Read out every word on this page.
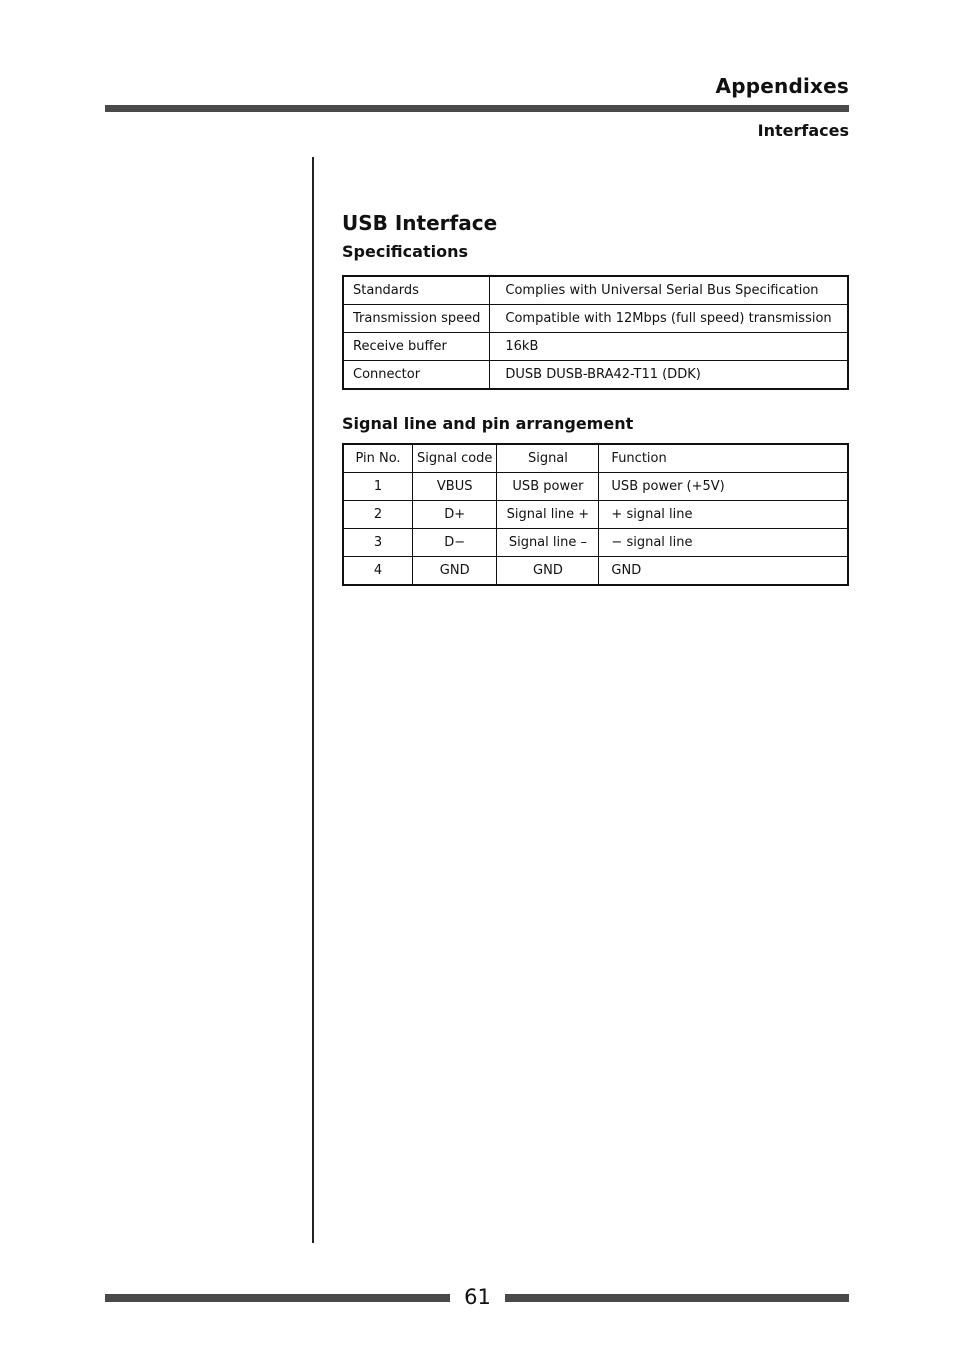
Appendixes
Interfaces
USB Interface
Specifications
Standards	Complies with Universal Serial Bus Specification
Transmission speed	Compatible with 12Mbps (full speed) transmission
Receive buffer	16kB
Connector	DUSB DUSB-BRA42-T11 (DDK)
Signal line and pin arrangement
Pin No.	Signal code	Signal	Function
1	VBUS	USB power	USB power (+5V)
2	D+	Signal line +	+ signal line
3	D−	Signal line –	− signal line
4	GND	GND	GND
61
